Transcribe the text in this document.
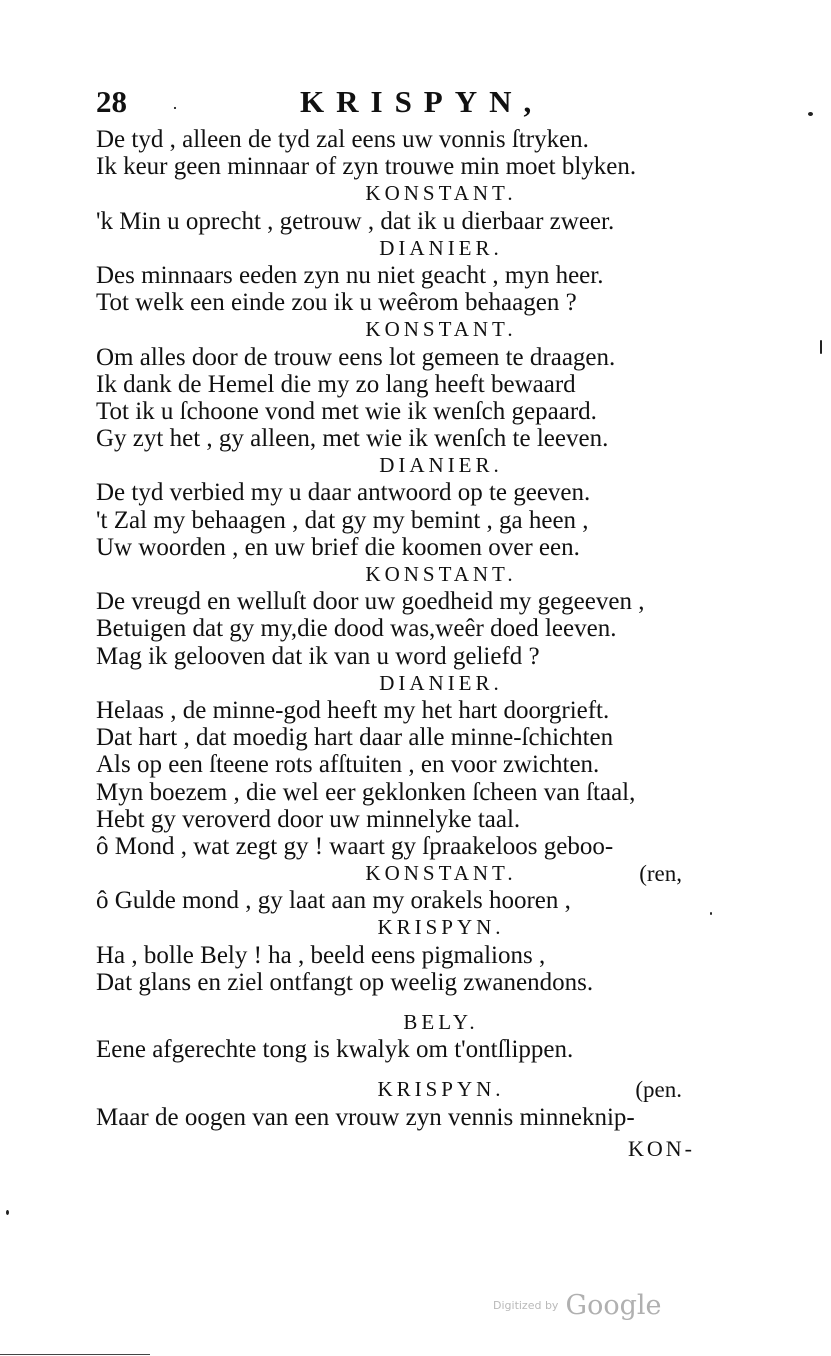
28	·	KRISPYN,
De tyd , alleen de tyd zal eens uw vonnis ſtryken.
Ik keur geen minnaar of zyn trouwe min moet blyken.
KONSTANT.
'k Min u oprecht , getrouw , dat ik u dierbaar zweer.
DIANIER.
Des minnaars eeden zyn nu niet geacht , myn heer.
Tot welk een einde zou ik u weêrom behaagen ?
KONSTANT.
Om alles door de trouw eens lot gemeen te draagen.
Ik dank de Hemel die my zo lang heeft bewaard
Tot ik u ſchoone vond met wie ik wenſch gepaard.
Gy zyt het , gy alleen, met wie ik wenſch te leeven.
DIANIER.
De tyd verbied my u daar antwoord op te geeven.
't Zal my behaagen , dat gy my bemint , ga heen ,
Uw woorden , en uw brief die koomen over een.
KONSTANT.
De vreugd en welluſt door uw goedheid my gegeeven ,
Betuigen dat gy my,die dood was,weêr doed leeven.
Mag ik gelooven dat ik van u word geliefd ?
DIANIER.
Helaas , de minne-god heeft my het hart doorgrieft.
Dat hart , dat moedig hart daar alle minne-ſchichten
Als op een ſteene rots afſtuiten , en voor zwichten.
Myn boezem , die wel eer geklonken ſcheen van ſtaal,
Hebt gy veroverd door uw minnelyke taal.
ô Mond , wat zegt gy ! waart gy ſpraakeloos geboo-
KONSTANT.	(ren,
ô Gulde mond , gy laat aan my orakels hooren ,
KRISPYN.
Ha , bolle Bely ! ha , beeld eens pigmalions ,
Dat glans en ziel ontfangt op weelig zwanendons.
BELY.
Eene afgerechte tong is kwalyk om t'ontſlippen.
KRISPYN.	(pen.
Maar de oogen van een vrouw zyn vennis minneknip-
KON-
Digitized by Google
